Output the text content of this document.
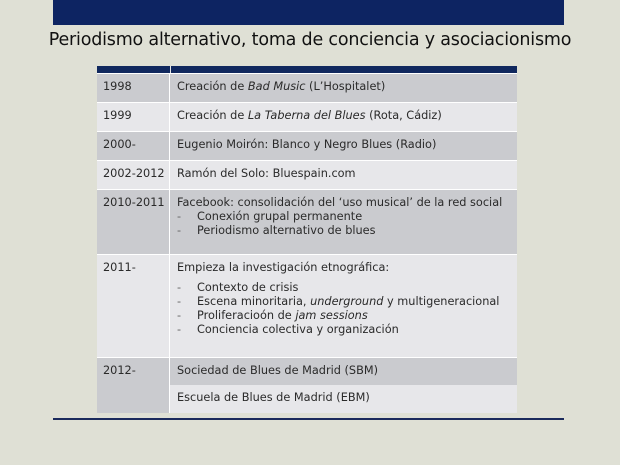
Periodismo alternativo, toma de conciencia y asociacionismo
1998	Creación de Bad Music (L’Hospitalet)
1999	Creación de La Taberna del Blues (Rota, Cádiz)
2000-	Eugenio Moirón: Blanco y Negro Blues (Radio)
2002-2012	Ramón del Solo: Bluespain.com
2010-2011	Facebook: consolidación del ‘uso musical’ de la red social
-	Conexión grupal permanente
-	Periodismo alternativo de blues
2011-	Empieza la investigación etnográfica:
-	Contexto de crisis
-	Escena minoritaria, underground y multigeneracional
-	Proliferacioón de jam sessions
-	Conciencia colectiva y organización
2012-	Sociedad de Blues de Madrid (SBM)
Escuela de Blues de Madrid (EBM)
